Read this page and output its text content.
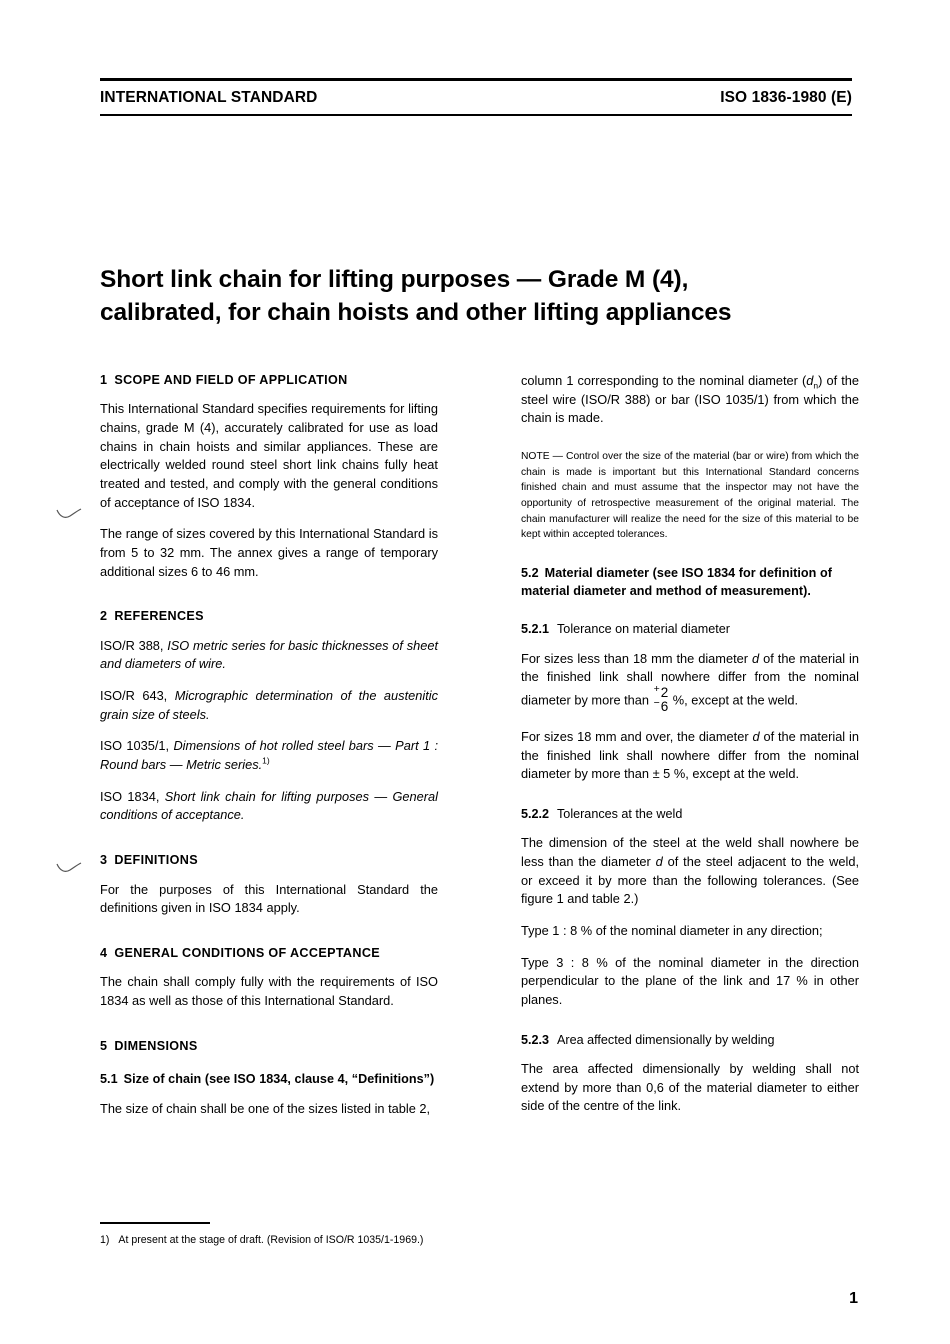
INTERNATIONAL STANDARD	ISO 1836-1980 (E)
Short link chain for lifting purposes — Grade M (4),
calibrated, for chain hoists and other lifting appliances
1 SCOPE AND FIELD OF APPLICATION

This International Standard specifies requirements for lifting chains, grade M (4), accurately calibrated for use as load chains in chain hoists and similar appliances. These are electrically welded round steel short link chains fully heat treated and tested, and comply with the general conditions of acceptance of ISO 1834.

The range of sizes covered by this International Standard is from 5 to 32 mm. The annex gives a range of temporary additional sizes 6 to 46 mm.

2 REFERENCES

ISO/R 388, ISO metric series for basic thicknesses of sheet and diameters of wire.

ISO/R 643, Micrographic determination of the austenitic grain size of steels.

ISO 1035/1, Dimensions of hot rolled steel bars — Part 1 : Round bars — Metric series.$^{1)}$

ISO 1834, Short link chain for lifting purposes — General conditions of acceptance.

3 DEFINITIONS

For the purposes of this International Standard the definitions given in ISO 1834 apply.

4 GENERAL CONDITIONS OF ACCEPTANCE

The chain shall comply fully with the requirements of ISO 1834 as well as those of this International Standard.

5 DIMENSIONS
5.1 Size of chain (see ISO 1834, clause 4, “Definitions”)

The size of chain shall be one of the sizes listed in table 2,

column 1 corresponding to the nominal diameter $(d_n)$ of the steel wire (ISO/R 388) or bar (ISO 1035/1) from which the chain is made.

NOTE — Control over the size of the material (bar or wire) from which the chain is made is important but this International Standard concerns finished chain and must assume that the inspector may not have the opportunity of retrospective measurement of the original material. The chain manufacturer will realize the need for the size of this material to be kept within accepted tolerances.

5.2 Material diameter (see ISO 1834 for definition of material diameter and method of measurement).
5.2.1 Tolerance on material diameter

For sizes less than 18 mm the diameter d of the material in the finished link shall nowhere differ from the nominal diameter by more than
+2
−6 %, except at the weld.

For sizes 18 mm and over, the diameter d of the material in the finished link shall nowhere differ from the nominal diameter by more than ± 5 %, except at the weld.

5.2.2 Tolerances at the weld

The dimension of the steel at the weld shall nowhere be less than the diameter d of the steel adjacent to the weld, or exceed it by more than the following tolerances. (See figure 1 and table 2.)

Type 1 : 8 % of the nominal diameter in any direction;

Type 3 : 8 % of the nominal diameter in the direction perpendicular to the plane of the link and 17 % in other planes.

5.2.3 Area affected dimensionally by welding

The area affected dimensionally by welding shall not extend by more than 0,6 of the material diameter to either side of the centre of the link.

1) At present at the stage of draft. (Revision of ISO/R 1035/1-1969.)
1
